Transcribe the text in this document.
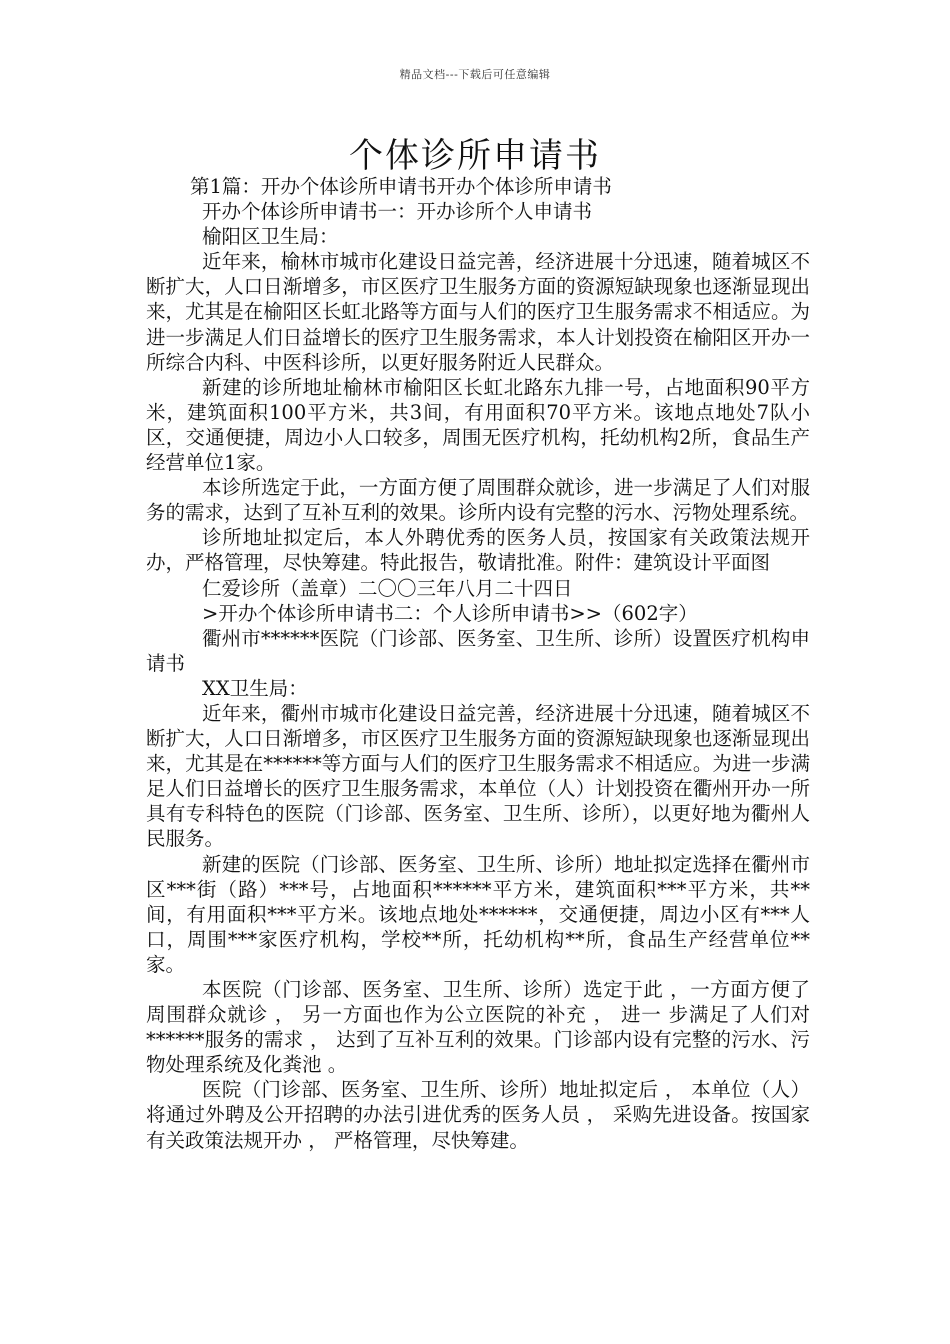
精品文档---下载后可任意编辑
个体诊所申请书

第1篇：开办个体诊所申请书开办个体诊所申请书

开办个体诊所申请书一：开办诊所个人申请书

榆阳区卫生局：

近年来，榆林市城市化建设日益完善，经济进展十分迅速，随着城区不断扩大，人口日渐增多，市区医疗卫生服务方面的资源短缺现象也逐渐显现出来，尤其是在榆阳区长虹北路等方面与人们的医疗卫生服务需求不相适应。为进一步满足人们日益增长的医疗卫生服务需求，本人计划投资在榆阳区开办一所综合内科、中医科诊所，以更好服务附近人民群众。

新建的诊所地址榆林市榆阳区长虹北路东九排一号，占地面积90平方米，建筑面积100平方米，共3间，有用面积70平方米。该地点地处7队小区，交通便捷，周边小人口较多，周围无医疗机构，托幼机构2所，食品生产经营单位1家。

本诊所选定于此，一方面方便了周围群众就诊，进一步满足了人们对服务的需求，达到了互补互利的效果。诊所内设有完整的污水、污物处理系统。

诊所地址拟定后，本人外聘优秀的医务人员，按国家有关政策法规开办，严格管理，尽快筹建。特此报告，敬请批准。附件：建筑设计平面图

仁爱诊所（盖章）二〇〇三年八月二十四日

>开办个体诊所申请书二：个人诊所申请书>>（602字）

衢州市******医院（门诊部、医务室、卫生所、诊所）设置医疗机构申请书

XX卫生局：

近年来，衢州市城市化建设日益完善，经济进展十分迅速，随着城区不断扩大，人口日渐增多，市区医疗卫生服务方面的资源短缺现象也逐渐显现出来，尤其是在******等方面与人们的医疗卫生服务需求不相适应。为进一步满足人们日益增长的医疗卫生服务需求，本单位（人）计划投资在衢州开办一所具有专科特色的医院（门诊部、医务室、卫生所、诊所），以更好地为衢州人民服务。

新建的医院（门诊部、医务室、卫生所、诊所）地址拟定选择在衢州市区***街（路）***号，占地面积******平方米，建筑面积***平方米，共**间，有用面积***平方米。该地点地处******，交通便捷，周边小区有***人口，周围***家医疗机构，学校**所，托幼机构**所，食品生产经营单位**家。

本医院（门诊部、医务室、卫生所、诊所）选定于此 ，一方面方便了周围群众就诊 ， 另一方面也作为公立医院的补充 ， 进一 步满足了人们对******服务的需求 ， 达到了互补互利的效果。门诊部内设有完整的污水、污物处理系统及化粪池 。

医院（门诊部、医务室、卫生所、诊所）地址拟定后 ， 本单位（人）将通过外聘及公开招聘的办法引进优秀的医务人员 ， 采购先进设备。按国家有关政策法规开办 ， 严格管理，尽快筹建。
